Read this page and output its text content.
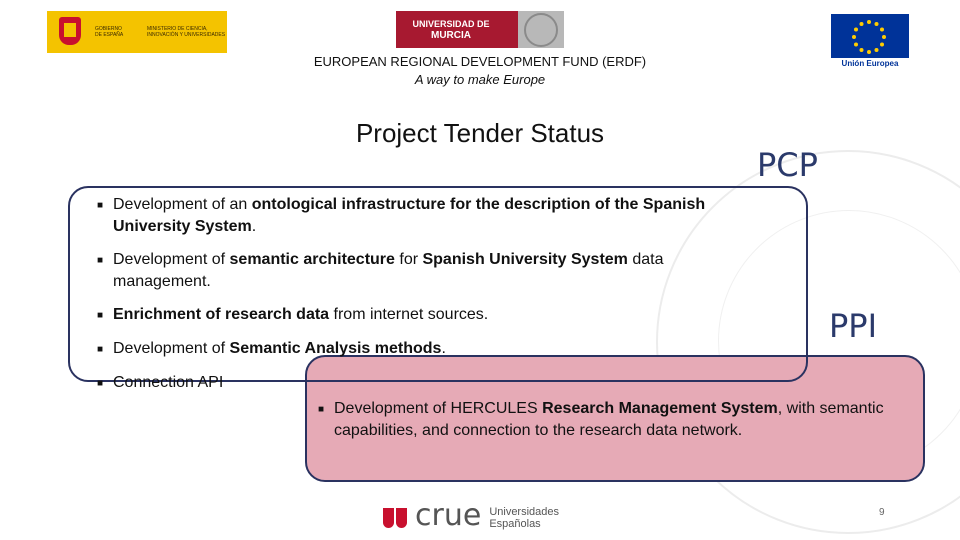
GOBIERNO
DE ESPAÑA
MINISTERIO DE CIENCIA, INNOVACIÓN Y UNIVERSIDADES
UNIVERSIDAD DE
MURCIA
Unión Europea
EUROPEAN REGIONAL DEVELOPMENT FUND (ERDF)
A way to make Europe
Project Tender Status
PCP
PPI
■ Development of an ontological infrastructure for the description of the Spanish University System.
■ Development of semantic architecture for Spanish University System data management.
■ Enrichment of research data from internet sources.
■ Development of Semantic Analysis methods.
■ Connection API
■ Development of HERCULES Research Management System, with semantic capabilities, and connection to the research data network.
crue Universidades
Españolas
9
